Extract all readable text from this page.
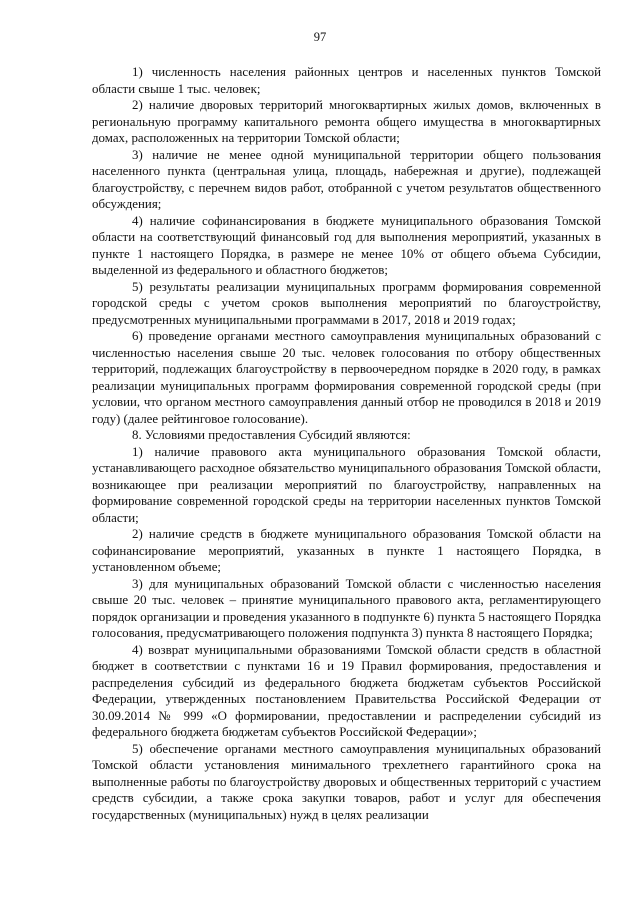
97

1) численность населения районных центров и населенных пунктов Томской области свыше 1 тыс. человек;

2) наличие дворовых территорий многоквартирных жилых домов, включенных в региональную программу капитального ремонта общего имущества в многоквартирных домах, расположенных на территории Томской области;

3) наличие не менее одной муниципальной территории общего пользования населенного пункта (центральная улица, площадь, набережная и другие), подлежащей благоустройству, с перечнем видов работ, отобранной с учетом результатов общественного обсуждения;

4) наличие софинансирования в бюджете муниципального образования Томской области на соответствующий финансовый год для выполнения мероприятий, указанных в пункте 1 настоящего Порядка, в размере не менее 10% от общего объема Субсидии, выделенной из федерального и областного бюджетов;

5) результаты реализации муниципальных программ формирования современной городской среды с учетом сроков выполнения мероприятий по благоустройству, предусмотренных муниципальными программами в 2017, 2018 и 2019 годах;

6) проведение органами местного самоуправления муниципальных образований с численностью населения свыше 20 тыс. человек голосования по отбору общественных территорий, подлежащих благоустройству в первоочередном порядке в 2020 году, в рамках реализации муниципальных программ формирования современной городской среды (при условии, что органом местного самоуправления данный отбор не проводился в 2018 и 2019 году) (далее рейтинговое голосование).

8. Условиями предоставления Субсидий являются:

1) наличие правового акта муниципального образования Томской области, устанавливающего расходное обязательство муниципального образования Томской области, возникающее при реализации мероприятий по благоустройству, направленных на формирование современной городской среды на территории населенных пунктов Томской области;

2) наличие средств в бюджете муниципального образования Томской области на софинансирование мероприятий, указанных в пункте 1 настоящего Порядка, в установленном объеме;

3) для муниципальных образований Томской области с численностью населения свыше 20 тыс. человек – принятие муниципального правового акта, регламентирующего порядок организации и проведения указанного в подпункте 6) пункта 5 настоящего Порядка голосования, предусматривающего положения подпункта 3) пункта 8 настоящего Порядка;

4) возврат муниципальными образованиями Томской области средств в областной бюджет в соответствии с пунктами 16 и 19 Правил формирования, предоставления и распределения субсидий из федерального бюджета бюджетам субъектов Российской Федерации, утвержденных постановлением Правительства Российской Федерации от 30.09.2014 № 999 «О формировании, предоставлении и распределении субсидий из федерального бюджета бюджетам субъектов Российской Федерации»;

5) обеспечение органами местного самоуправления муниципальных образований Томской области установления минимального трехлетнего гарантийного срока на выполненные работы по благоустройству дворовых и общественных территорий с участием средств субсидии, а также срока закупки товаров, работ и услуг для обеспечения государственных (муниципальных) нужд в целях реализации
